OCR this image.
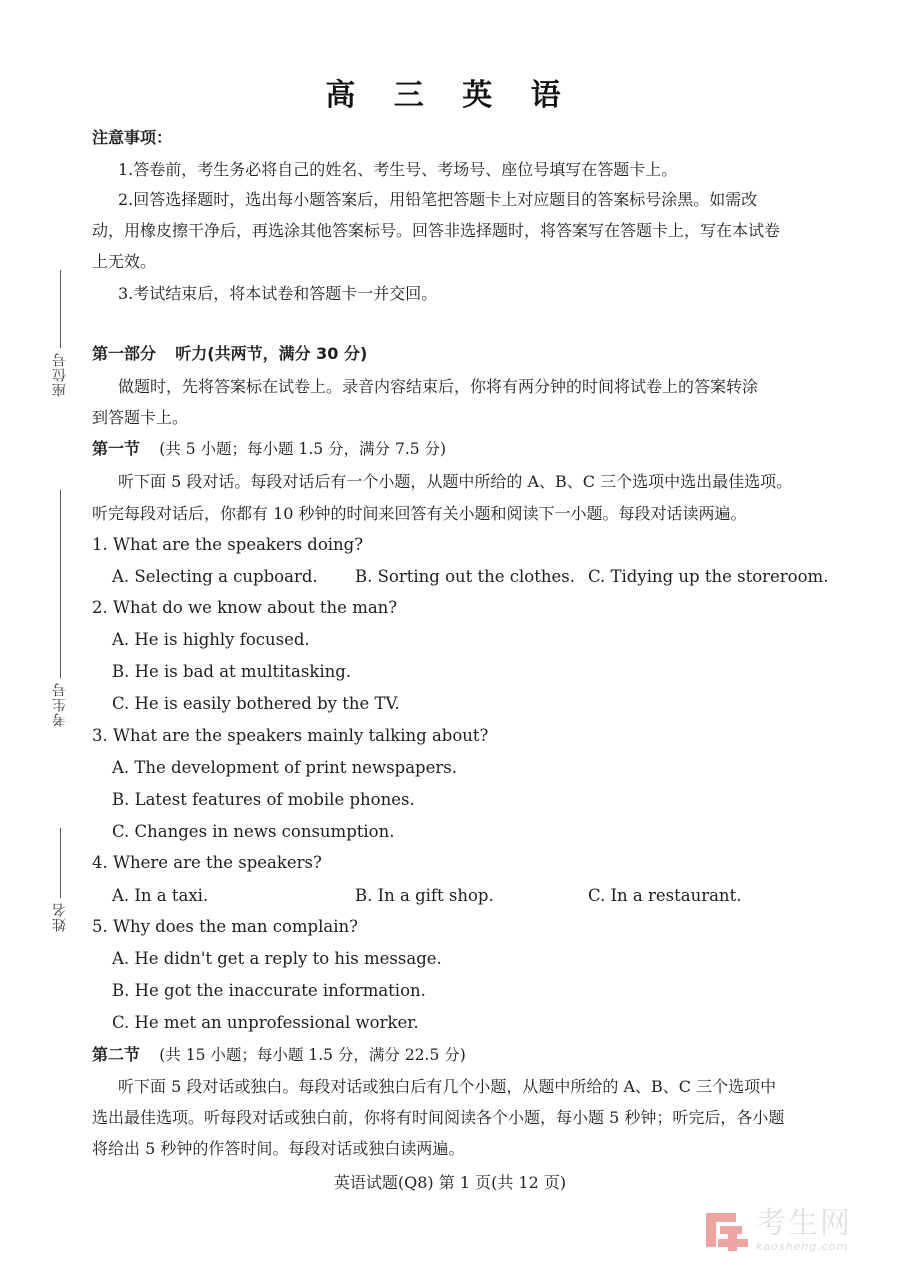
高 三 英 语
注意事项：
1.答卷前，考生务必将自己的姓名、考生号、考场号、座位号填写在答题卡上。
2.回答选择题时，选出每小题答案后，用铅笔把答题卡上对应题目的答案标号涂黑。如需改
动，用橡皮擦干净后，再选涂其他答案标号。回答非选择题时，将答案写在答题卡上，写在本试卷
上无效。
3.考试结束后，将本试卷和答题卡一并交回。
第一部分 听力(共两节，满分 30 分)
做题时，先将答案标在试卷上。录音内容结束后，你将有两分钟的时间将试卷上的答案转涂
到答题卡上。
第一节 (共 5 小题；每小题 1.5 分，满分 7.5 分)
听下面 5 段对话。每段对话后有一个小题，从题中所给的 A、B、C 三个选项中选出最佳选项。
听完每段对话后，你都有 10 秒钟的时间来回答有关小题和阅读下一小题。每段对话读两遍。
1. What are the speakers doing?
A. Selecting a cupboard. B. Sorting out the clothes. C. Tidying up the storeroom.
2. What do we know about the man?
A. He is highly focused.
B. He is bad at multitasking.
C. He is easily bothered by the TV.
3. What are the speakers mainly talking about?
A. The development of print newspapers.
B. Latest features of mobile phones.
C. Changes in news consumption.
4. Where are the speakers?
A. In a taxi.	B. In a gift shop.	C. In a restaurant.
5. Why does the man complain?
A. He didn't get a reply to his message.
B. He got the inaccurate information.
C. He met an unprofessional worker.
第二节 (共 15 小题；每小题 1.5 分，满分 22.5 分)
听下面 5 段对话或独白。每段对话或独白后有几个小题，从题中所给的 A、B、C 三个选项中
选出最佳选项。听每段对话或独白前，你将有时间阅读各个小题，每小题 5 秒钟；听完后，各小题
将给出 5 秒钟的作答时间。每段对话或独白读两遍。
座位号
考生号
姓名
英语试题(Q8) 第 1 页(共 12 页)
考生网
kaosheng.com
